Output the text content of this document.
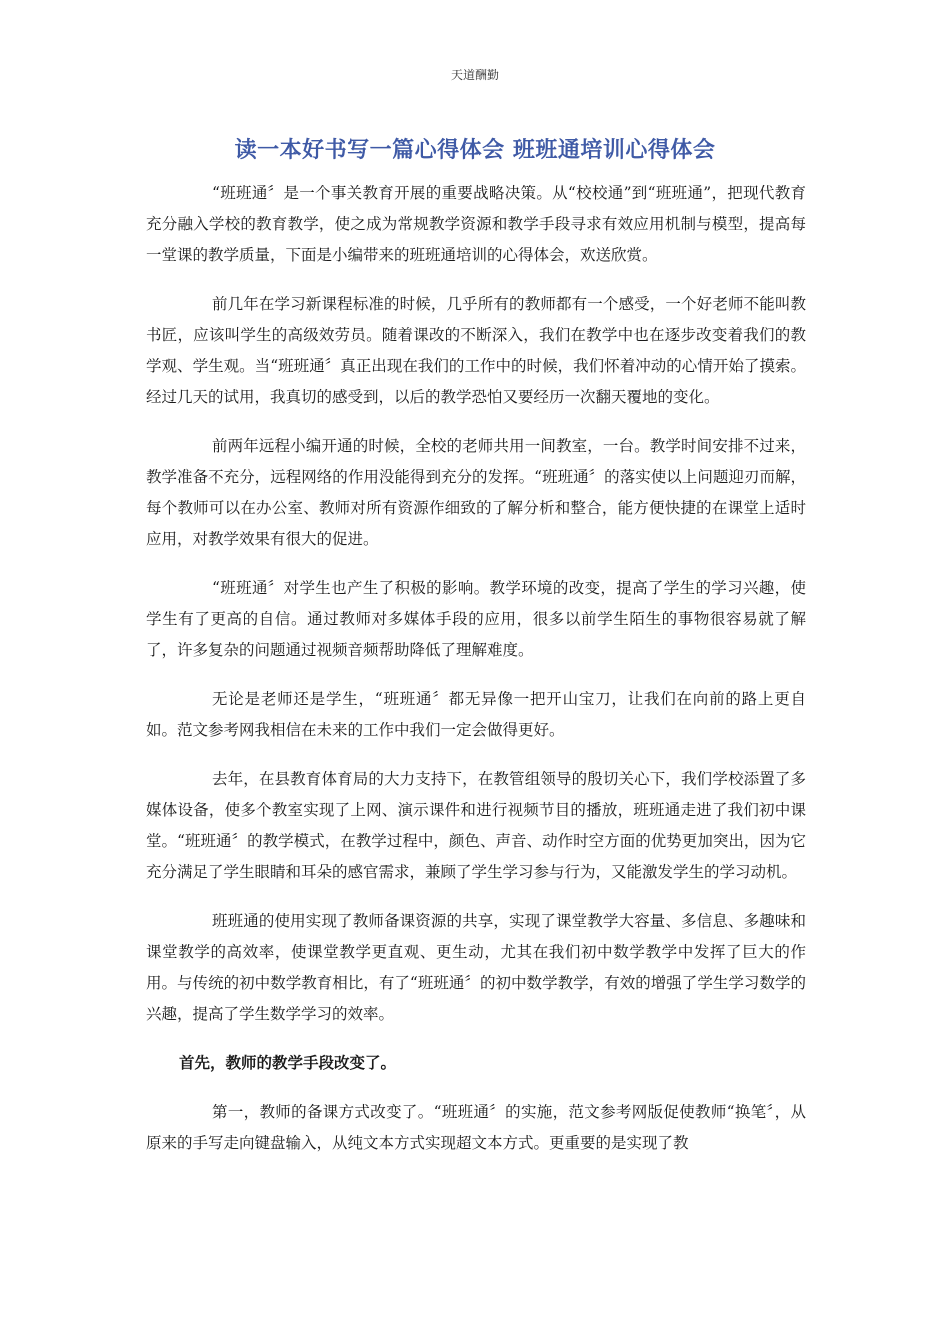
天道酬勤
读一本好书写一篇心得体会 班班通培训心得体会

“班班通〞是一个事关教育开展的重要战略决策。从“校校通”到“班班通”，把现代教育充分融入学校的教育教学，使之成为常规教学资源和教学手段寻求有效应用机制与模型，提高每一堂课的教学质量，下面是小编带来的班班通培训的心得体会，欢送欣赏。

前几年在学习新课程标准的时候，几乎所有的教师都有一个感受，一个好老师不能叫教书匠，应该叫学生的高级效劳员。随着课改的不断深入，我们在教学中也在逐步改变着我们的教学观、学生观。当“班班通〞真正出现在我们的工作中的时候，我们怀着冲动的心情开始了摸索。经过几天的试用，我真切的感受到，以后的教学恐怕又要经历一次翻天覆地的变化。

前两年远程小编开通的时候，全校的老师共用一间教室，一台。教学时间安排不过来，教学准备不充分，远程网络的作用没能得到充分的发挥。“班班通〞的落实使以上问题迎刃而解，每个教师可以在办公室、教师对所有资源作细致的了解分析和整合，能方便快捷的在课堂上适时应用，对教学效果有很大的促进。

“班班通〞对学生也产生了积极的影响。教学环境的改变，提高了学生的学习兴趣，使学生有了更高的自信。通过教师对多媒体手段的应用，很多以前学生陌生的事物很容易就了解了，许多复杂的问题通过视频音频帮助降低了理解难度。

无论是老师还是学生，“班班通〞都无异像一把开山宝刀，让我们在向前的路上更自如。范文参考网我相信在未来的工作中我们一定会做得更好。

去年，在县教育体育局的大力支持下，在教管组领导的殷切关心下，我们学校添置了多媒体设备，使多个教室实现了上网、演示课件和进行视频节目的播放，班班通走进了我们初中课堂。“班班通〞的教学模式，在教学过程中，颜色、声音、动作时空方面的优势更加突出，因为它充分满足了学生眼睛和耳朵的感官需求，兼顾了学生学习参与行为，又能激发学生的学习动机。

班班通的使用实现了教师备课资源的共享，实现了课堂教学大容量、多信息、多趣味和课堂教学的高效率，使课堂教学更直观、更生动，尤其在我们初中数学教学中发挥了巨大的作用。与传统的初中数学教育相比，有了“班班通〞的初中数学教学，有效的增强了学生学习数学的兴趣，提高了学生数学学习的效率。

首先，教师的教学手段改变了。

第一，教师的备课方式改变了。“班班通〞的实施，范文参考网版促使教师“换笔〞，从原来的手写走向键盘输入，从纯文本方式实现超文本方式。更重要的是实现了教
